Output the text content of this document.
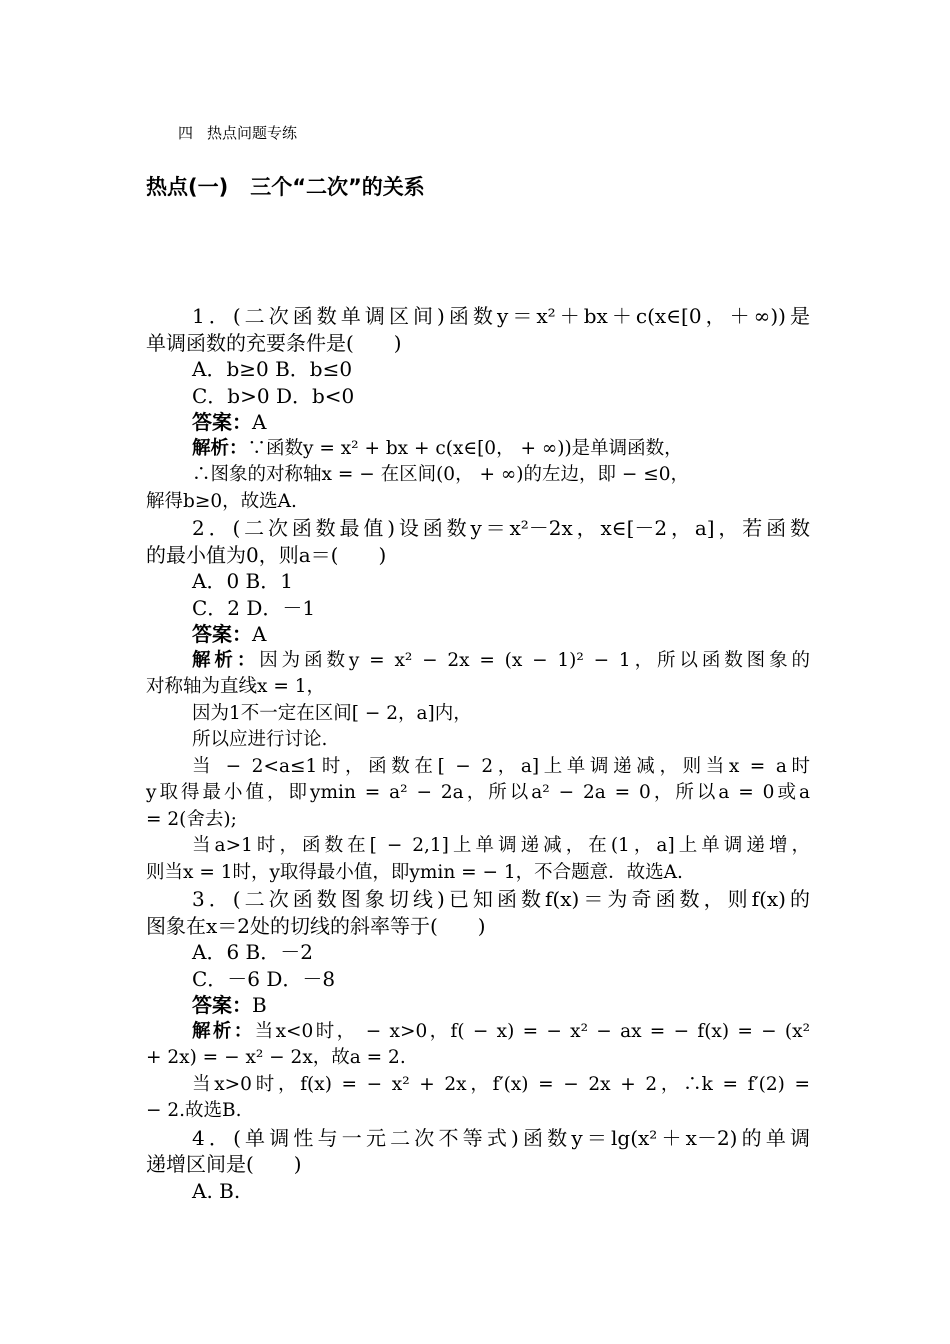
四 热点问题专练
热点(一) 三个“二次”的关系
1．(二次函数单调区间)函数y＝x²＋bx＋c(x∈[0，＋∞))是
单调函数的充要条件是(　　)
A．b≥0 B．b≤0
C．b>0 D．b<0
答案：A
解析：∵函数y = x² + bx + c(x∈[0， + ∞))是单调函数，
∴图象的对称轴x = − 在区间(0， + ∞)的左边，即 − ≤0，
解得b≥0，故选A.
2．(二次函数最值)设函数y＝x²－2x，x∈[－2，a]，若函数
的最小值为0，则a＝(　　)
A．0 B．1
C．2 D．－1
答案：A
解析：因为函数y = x² − 2x = (x − 1)² − 1，所以函数图象的
对称轴为直线x = 1，
因为1不一定在区间[ − 2，a]内，
所以应进行讨论.
当 − 2<a≤1时，函数在[ − 2，a]上单调递减，则当x = a时
y取得最小值，即ymin = a² − 2a，所以a² − 2a = 0，所以a = 0或a
= 2(舍去);
当a>1时，函数在[ − 2,1]上单调递减，在(1，a]上单调递增，
则当x = 1时，y取得最小值，即ymin = − 1，不合题意．故选A.
3．(二次函数图象切线)已知函数f(x)＝为奇函数，则f(x)的
图象在x＝2处的切线的斜率等于(　　)
A．6 B．－2
C．－6 D．－8
答案：B
解析：当x<0时， − x>0，f( − x) = − x² − ax = − f(x) = − (x²
+ 2x) = − x² − 2x，故a = 2.
当x>0时，f(x) = − x² + 2x，f′(x) = − 2x + 2，∴k = f′(2) =
− 2.故选B.
4．(单调性与一元二次不等式)函数y＝lg(x²＋x－2)的单调
递增区间是(　　)
A. B.
